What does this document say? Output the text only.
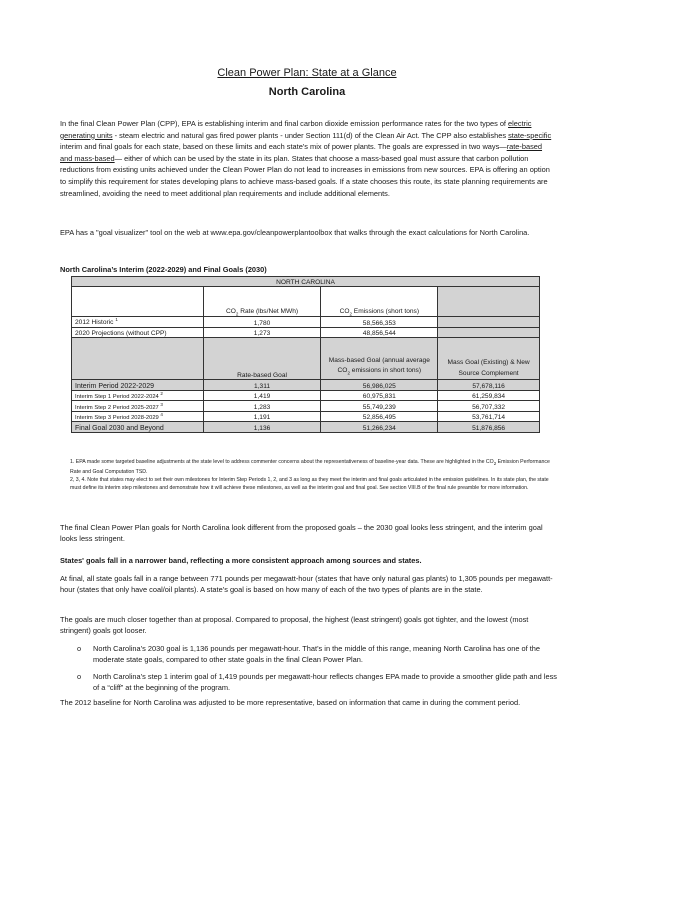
Clean Power Plan: State at a Glance
North Carolina
In the final Clean Power Plan (CPP), EPA is establishing interim and final carbon dioxide emission performance rates for the two types of electric generating units - steam electric and natural gas fired power plants - under Section 111(d) of the Clean Air Act. The CPP also establishes state-specific interim and final goals for each state, based on these limits and each state’s mix of power plants. The goals are expressed in two ways—rate-based and mass-based— either of which can be used by the state in its plan. States that choose a mass-based goal must assure that carbon pollution reductions from existing units achieved under the Clean Power Plan do not lead to increases in emissions from new sources. EPA is offering an option to simplify this requirement for states developing plans to achieve mass-based goals. If a state chooses this route, its state planning requirements are streamlined, avoiding the need to meet additional plan requirements and include additional elements.
EPA has a "goal visualizer" tool on the web at www.epa.gov/cleanpowerplantoolbox that walks through the exact calculations for North Carolina.
North Carolina’s Interim (2022-2029) and Final Goals (2030)
NORTH CAROLINA			
	$CO_2$ Rate (lbs/Net MWh)	$CO_2$ Emissions (short tons)	
2012 Historic $^1$	1,780	58,566,353	
2020 Projections (without CPP)	1,273	48,856,544	
	Rate-based Goal	Mass-based Goal (annual average $CO_2$ emissions in short tons)	Mass Goal (Existing) & New Source Complement
Interim Period 2022-2029	1,311	56,986,025	57,678,116
Interim Step 1 Period 2022-2024 $^2$	1,419	60,975,831	61,259,834
Interim Step 2 Period 2025-2027 $^3$	1,283	55,749,239	56,707,332
Interim Step 3 Period 2028-2029 $^4$	1,191	52,856,495	53,761,714
Final Goal 2030 and Beyond	1,136	51,266,234	51,876,856
1. EPA made some targeted baseline adjustments at the state level to address commenter concerns about the representativeness of baseline-year data. These are highlighted in the CO2 Emission Performance Rate and Goal Computation TSD.
2, 3, 4. Note that states may elect to set their own milestones for Interim Step Periods 1, 2, and 3 as long as they meet the interim and final goals articulated in the emission guidelines. In its state plan, the state must define its interim step milestones and demonstrate how it will achieve these milestones, as well as the interim goal and final goal. See section VIII.B of the final rule preamble for more information.
The final Clean Power Plan goals for North Carolina look different from the proposed goals – the 2030 goal looks less stringent, and the interim goal looks less stringent.
States' goals fall in a narrower band, reflecting a more consistent approach among sources and states.
At final, all state goals fall in a range between 771 pounds per megawatt-hour (states that have only natural gas plants) to 1,305 pounds per megawatt-hour (states that only have coal/oil plants). A state’s goal is based on how many of each of the two types of plants are in the state.
The goals are much closer together than at proposal. Compared to proposal, the highest (least stringent) goals got tighter, and the lowest (most stringent) goals got looser.
o North Carolina’s 2030 goal is 1,136 pounds per megawatt-hour. That’s in the middle of this range, meaning North Carolina has one of the moderate state goals, compared to other state goals in the final Clean Power Plan.
o North Carolina’s step 1 interim goal of 1,419 pounds per megawatt-hour reflects changes EPA made to provide a smoother glide path and less of a “cliff” at the beginning of the program.
The 2012 baseline for North Carolina was adjusted to be more representative, based on information that came in during the comment period.
